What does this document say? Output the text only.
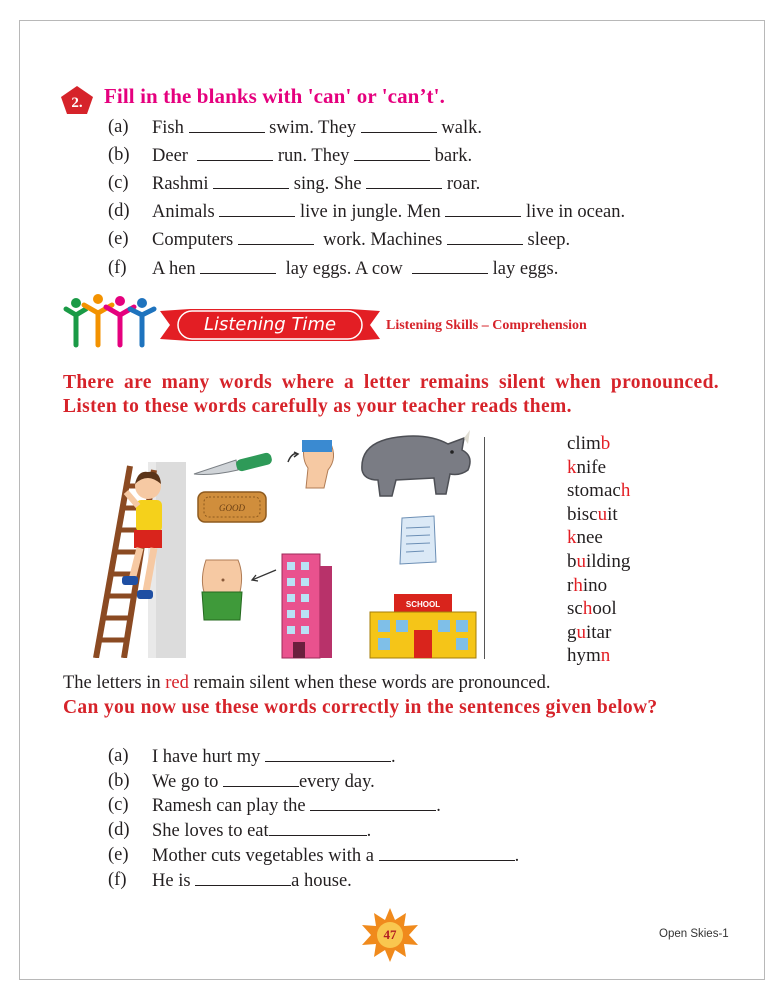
2. Fill in the blanks with 'can' or 'can’t'.
(a)	Fish	swim. They	walk.
(b)	Deer	run. They	bark.
(c)	Rashmi	sing. She	roar.
(d)	Animals	live in jungle. Men	live in ocean.
(e)	Computers	work. Machines	sleep.
(f)	A hen	lay eggs. A cow	lay eggs.
Listening Time	Listening Skills – Comprehension
There are many words where a letter remains silent when pronounced. Listen to these words carefully as your teacher reads them.
GOOD
SCHOOL
climb
knife
stomach
biscuit
knee
building
rhino
school
guitar
hymn
The letters in red remain silent when these words are pronounced.
Can you now use these words correctly in the sentences given below?
(a)	I have hurt my	.
(b)	We go to	every day.
(c)	Ramesh can play the	.
(d)	She loves to eat	.
(e)	Mother cuts vegetables with a	.
(f)	He is	a house.
47	Open Skies-1
